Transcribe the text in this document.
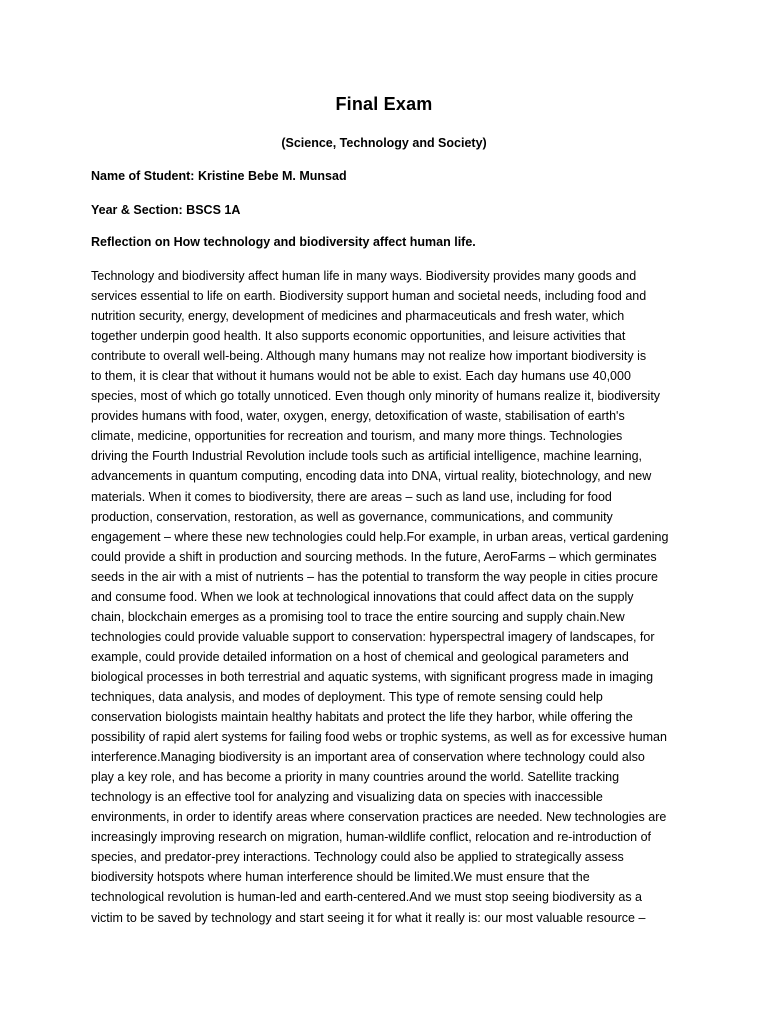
Final Exam
(Science, Technology and Society)
Name of Student: Kristine Bebe M. Munsad
Year & Section: BSCS 1A
Reflection on How technology and biodiversity affect human life.
Technology and biodiversity affect human life in many ways. Biodiversity provides many goods and
services essential to life on earth. Biodiversity support human and societal needs, including food and
nutrition security, energy, development of medicines and pharmaceuticals and fresh water, which
together underpin good health. It also supports economic opportunities, and leisure activities that
contribute to overall well-being. Although many humans may not realize how important biodiversity is
to them, it is clear that without it humans would not be able to exist. Each day humans use 40,000
species, most of which go totally unnoticed. Even though only minority of humans realize it, biodiversity
provides humans with food, water, oxygen, energy, detoxification of waste, stabilisation of earth's
climate, medicine, opportunities for recreation and tourism, and many more things. Technologies
driving the Fourth Industrial Revolution include tools such as artificial intelligence, machine learning,
advancements in quantum computing, encoding data into DNA, virtual reality, biotechnology, and new
materials. When it comes to biodiversity, there are areas – such as land use, including for food
production, conservation, restoration, as well as governance, communications, and community
engagement – where these new technologies could help.For example, in urban areas, vertical gardening
could provide a shift in production and sourcing methods. In the future, AeroFarms – which germinates
seeds in the air with a mist of nutrients – has the potential to transform the way people in cities procure
and consume food. When we look at technological innovations that could affect data on the supply
chain, blockchain emerges as a promising tool to trace the entire sourcing and supply chain.New
technologies could provide valuable support to conservation: hyperspectral imagery of landscapes, for
example, could provide detailed information on a host of chemical and geological parameters and
biological processes in both terrestrial and aquatic systems, with significant progress made in imaging
techniques, data analysis, and modes of deployment. This type of remote sensing could help
conservation biologists maintain healthy habitats and protect the life they harbor, while offering the
possibility of rapid alert systems for failing food webs or trophic systems, as well as for excessive human
interference.Managing biodiversity is an important area of conservation where technology could also
play a key role, and has become a priority in many countries around the world. Satellite tracking
technology is an effective tool for analyzing and visualizing data on species with inaccessible
environments, in order to identify areas where conservation practices are needed. New technologies are
increasingly improving research on migration, human-wildlife conflict, relocation and re-introduction of
species, and predator-prey interactions. Technology could also be applied to strategically assess
biodiversity hotspots where human interference should be limited.We must ensure that the
technological revolution is human-led and earth-centered.And we must stop seeing biodiversity as a
victim to be saved by technology and start seeing it for what it really is: our most valuable resource –
